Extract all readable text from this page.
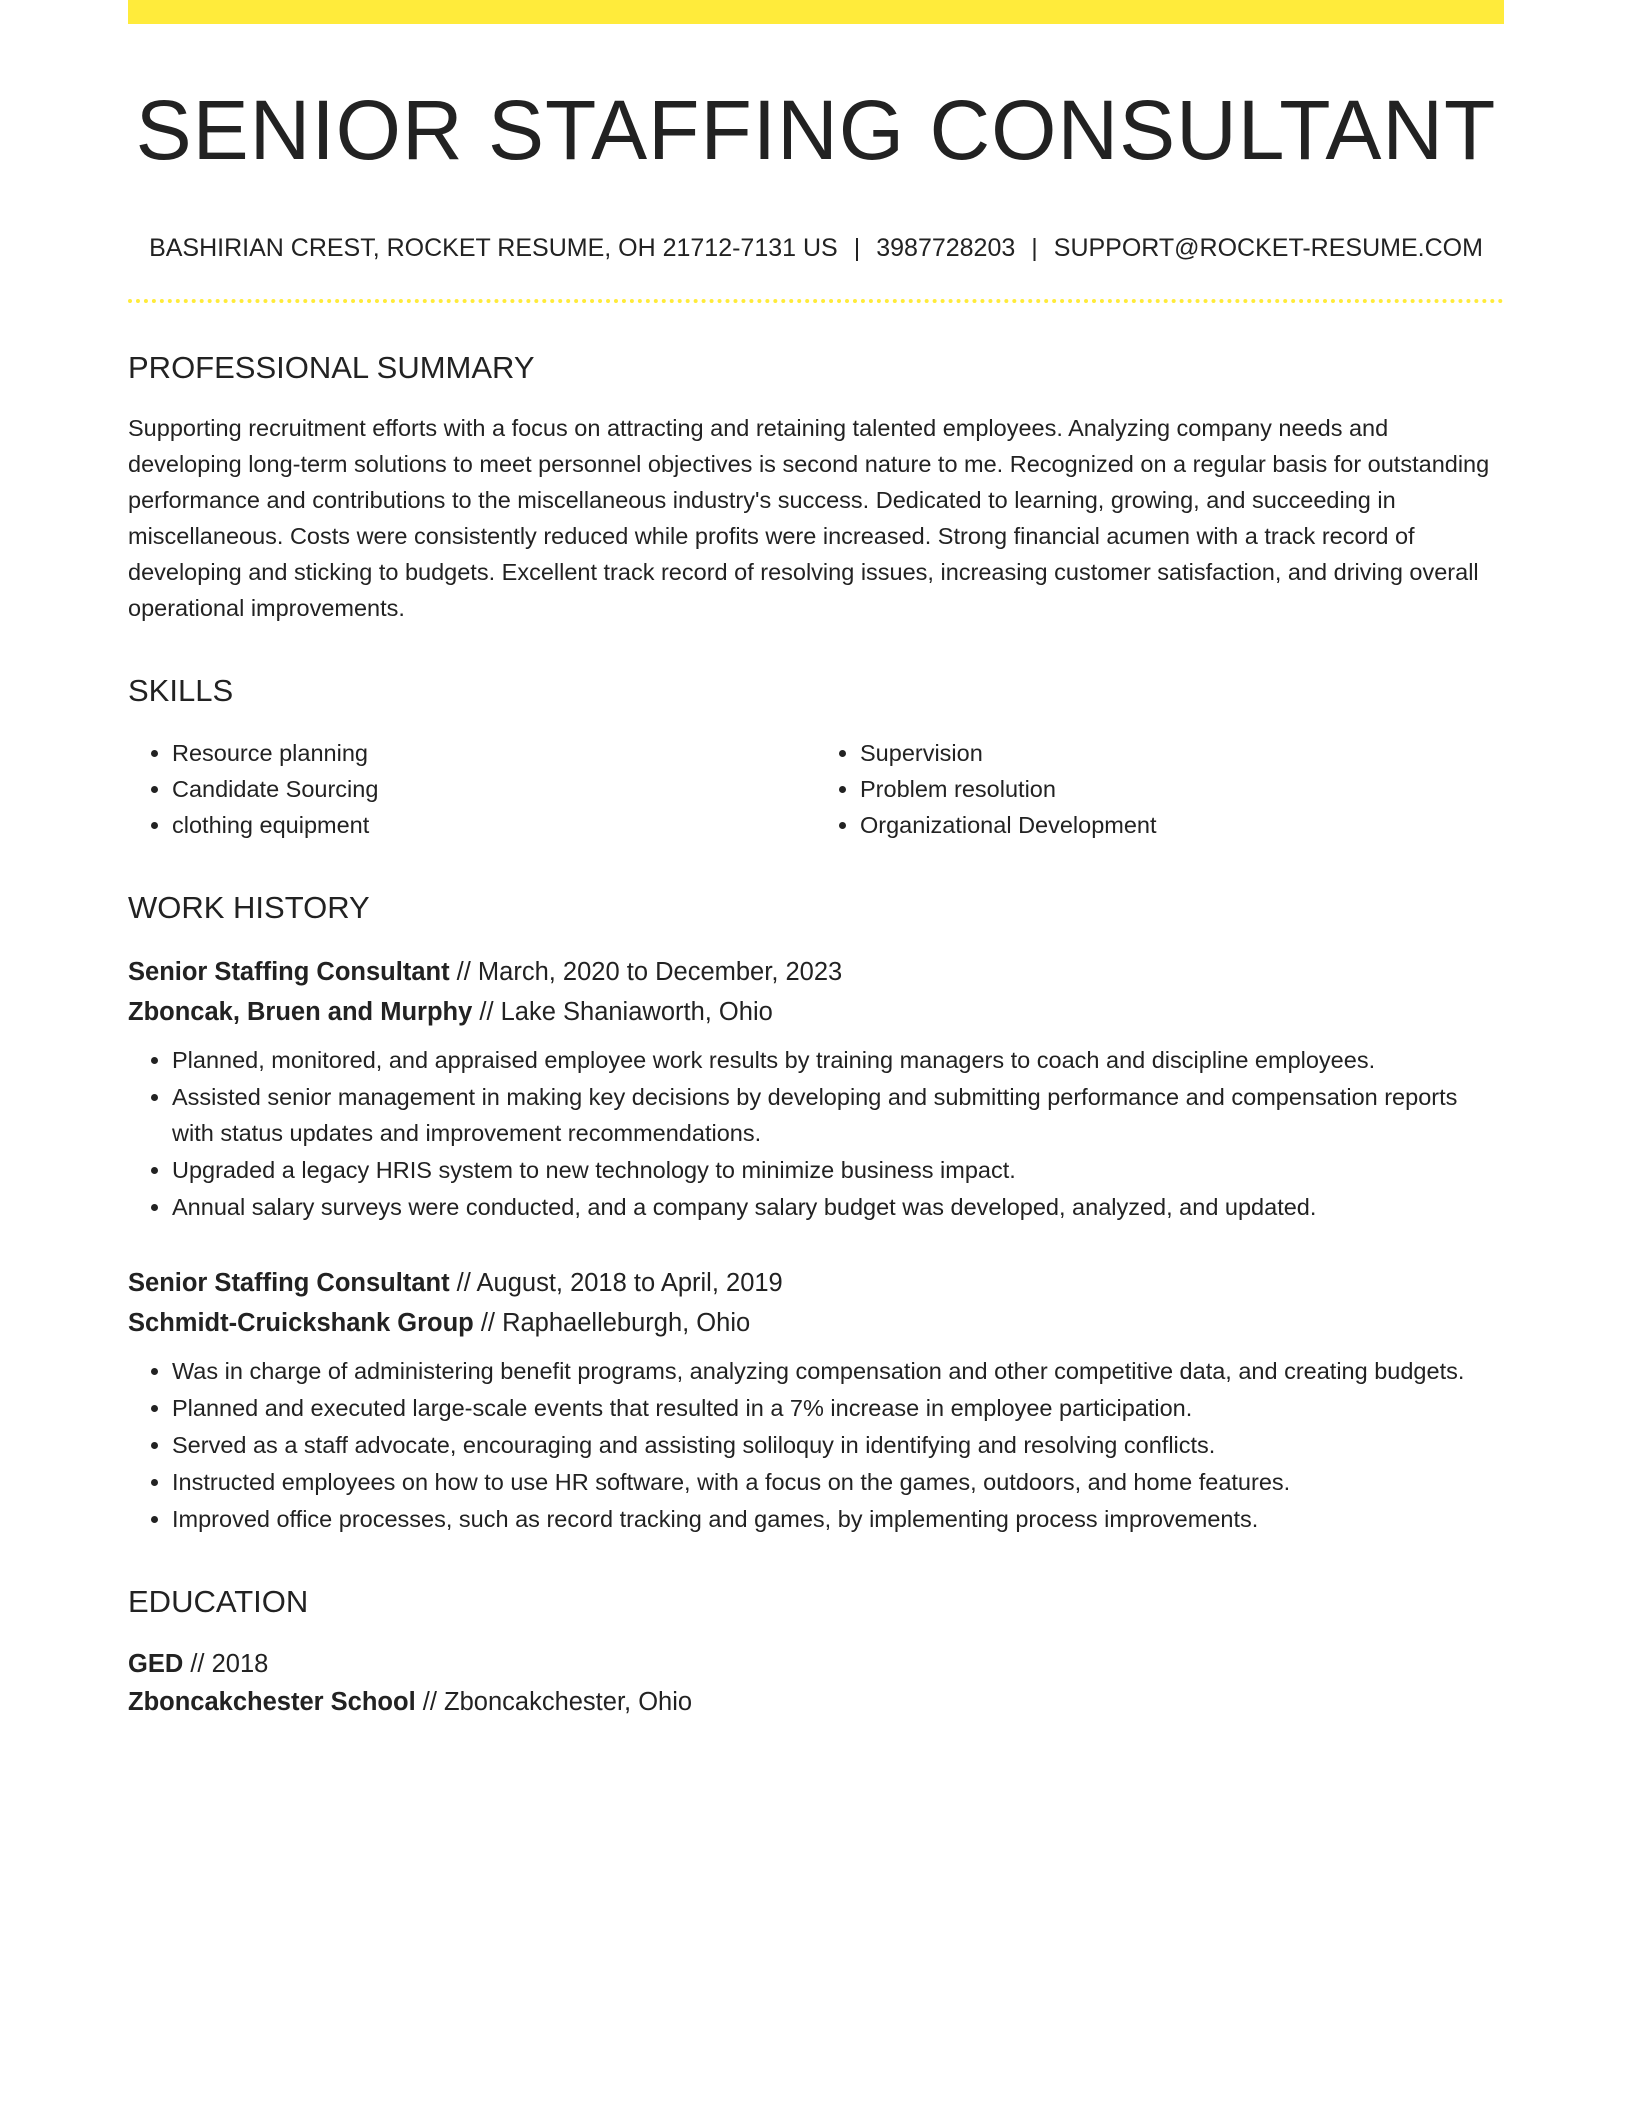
SENIOR STAFFING CONSULTANT
BASHIRIAN CREST, ROCKET RESUME, OH 21712-7131 US | 3987728203 | SUPPORT@ROCKET-RESUME.COM
PROFESSIONAL SUMMARY
Supporting recruitment efforts with a focus on attracting and retaining talented employees. Analyzing company needs and developing long-term solutions to meet personnel objectives is second nature to me. Recognized on a regular basis for outstanding performance and contributions to the miscellaneous industry's success. Dedicated to learning, growing, and succeeding in miscellaneous. Costs were consistently reduced while profits were increased. Strong financial acumen with a track record of developing and sticking to budgets. Excellent track record of resolving issues, increasing customer satisfaction, and driving overall operational improvements.
SKILLS
• Resource planning
• Candidate Sourcing
• clothing equipment
• Supervision
• Problem resolution
• Organizational Development
WORK HISTORY
Senior Staffing Consultant // March, 2020 to December, 2023
Zboncak, Bruen and Murphy // Lake Shaniaworth, Ohio
• Planned, monitored, and appraised employee work results by training managers to coach and discipline employees.
• Assisted senior management in making key decisions by developing and submitting performance and compensation reports with status updates and improvement recommendations.
• Upgraded a legacy HRIS system to new technology to minimize business impact.
• Annual salary surveys were conducted, and a company salary budget was developed, analyzed, and updated.
Senior Staffing Consultant // August, 2018 to April, 2019
Schmidt-Cruickshank Group // Raphaelleburgh, Ohio
• Was in charge of administering benefit programs, analyzing compensation and other competitive data, and creating budgets.
• Planned and executed large-scale events that resulted in a 7% increase in employee participation.
• Served as a staff advocate, encouraging and assisting soliloquy in identifying and resolving conflicts.
• Instructed employees on how to use HR software, with a focus on the games, outdoors, and home features.
• Improved office processes, such as record tracking and games, by implementing process improvements.
EDUCATION
GED // 2018
Zboncakchester School // Zboncakchester, Ohio
